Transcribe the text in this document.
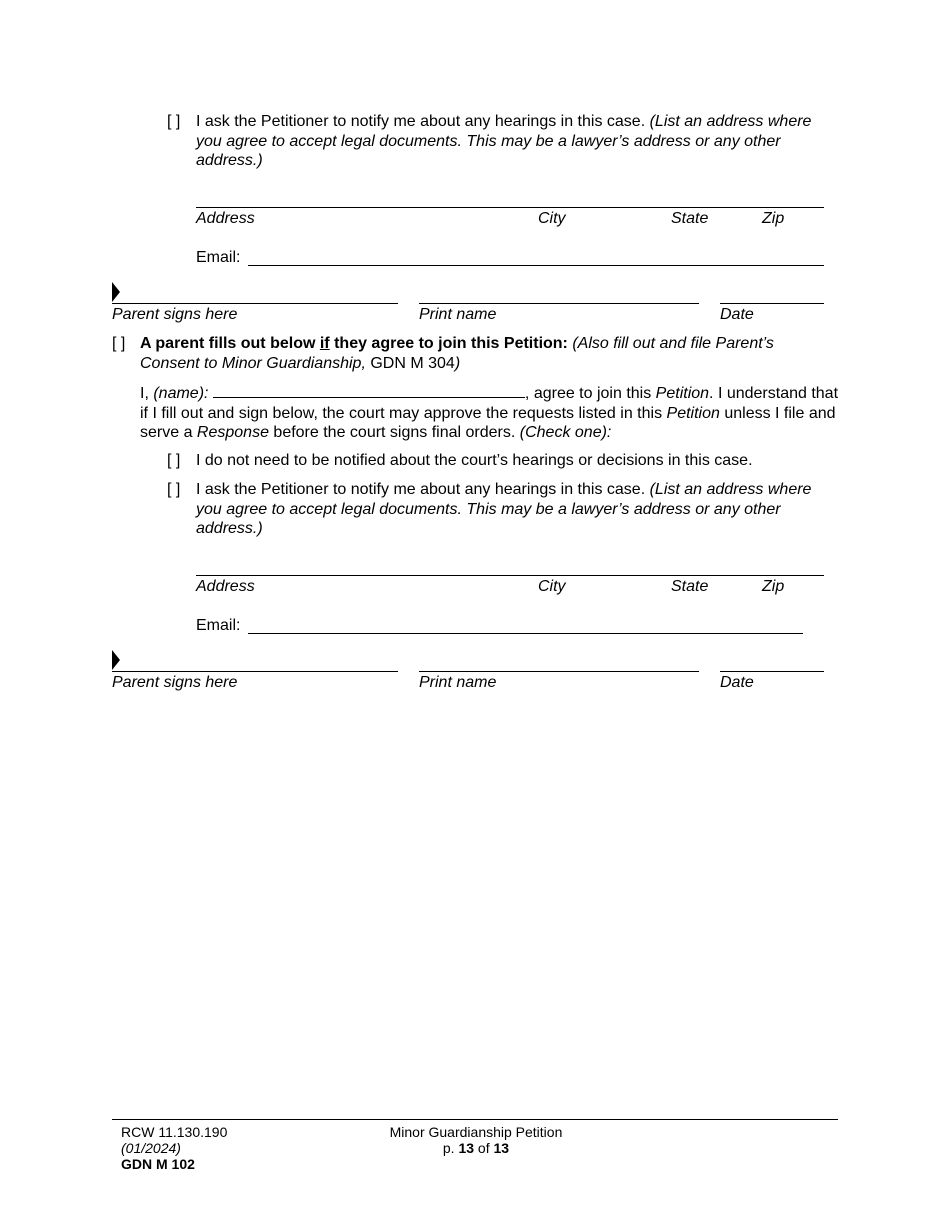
[ ] I ask the Petitioner to notify me about any hearings in this case. (List an address where you agree to accept legal documents. This may be a lawyer’s address or any other address.)
Address	City	State	Zip
Email:
Parent signs here	Print name	Date
[ ] A parent fills out below if they agree to join this Petition: (Also fill out and file Parent’s Consent to Minor Guardianship, GDN M 304)
I, (name):	, agree to join this Petition. I understand that if I fill out and sign below, the court may approve the requests listed in this Petition unless I file and serve a Response before the court signs final orders. (Check one):
[ ] I do not need to be notified about the court’s hearings or decisions in this case.
[ ] I ask the Petitioner to notify me about any hearings in this case. (List an address where you agree to accept legal documents. This may be a lawyer’s address or any other address.)
Address	City	State	Zip
Email:
Parent signs here	Print name	Date
RCW 11.130.190
(01/2024)
GDN M 102
Minor Guardianship Petition
p. 13 of 13
